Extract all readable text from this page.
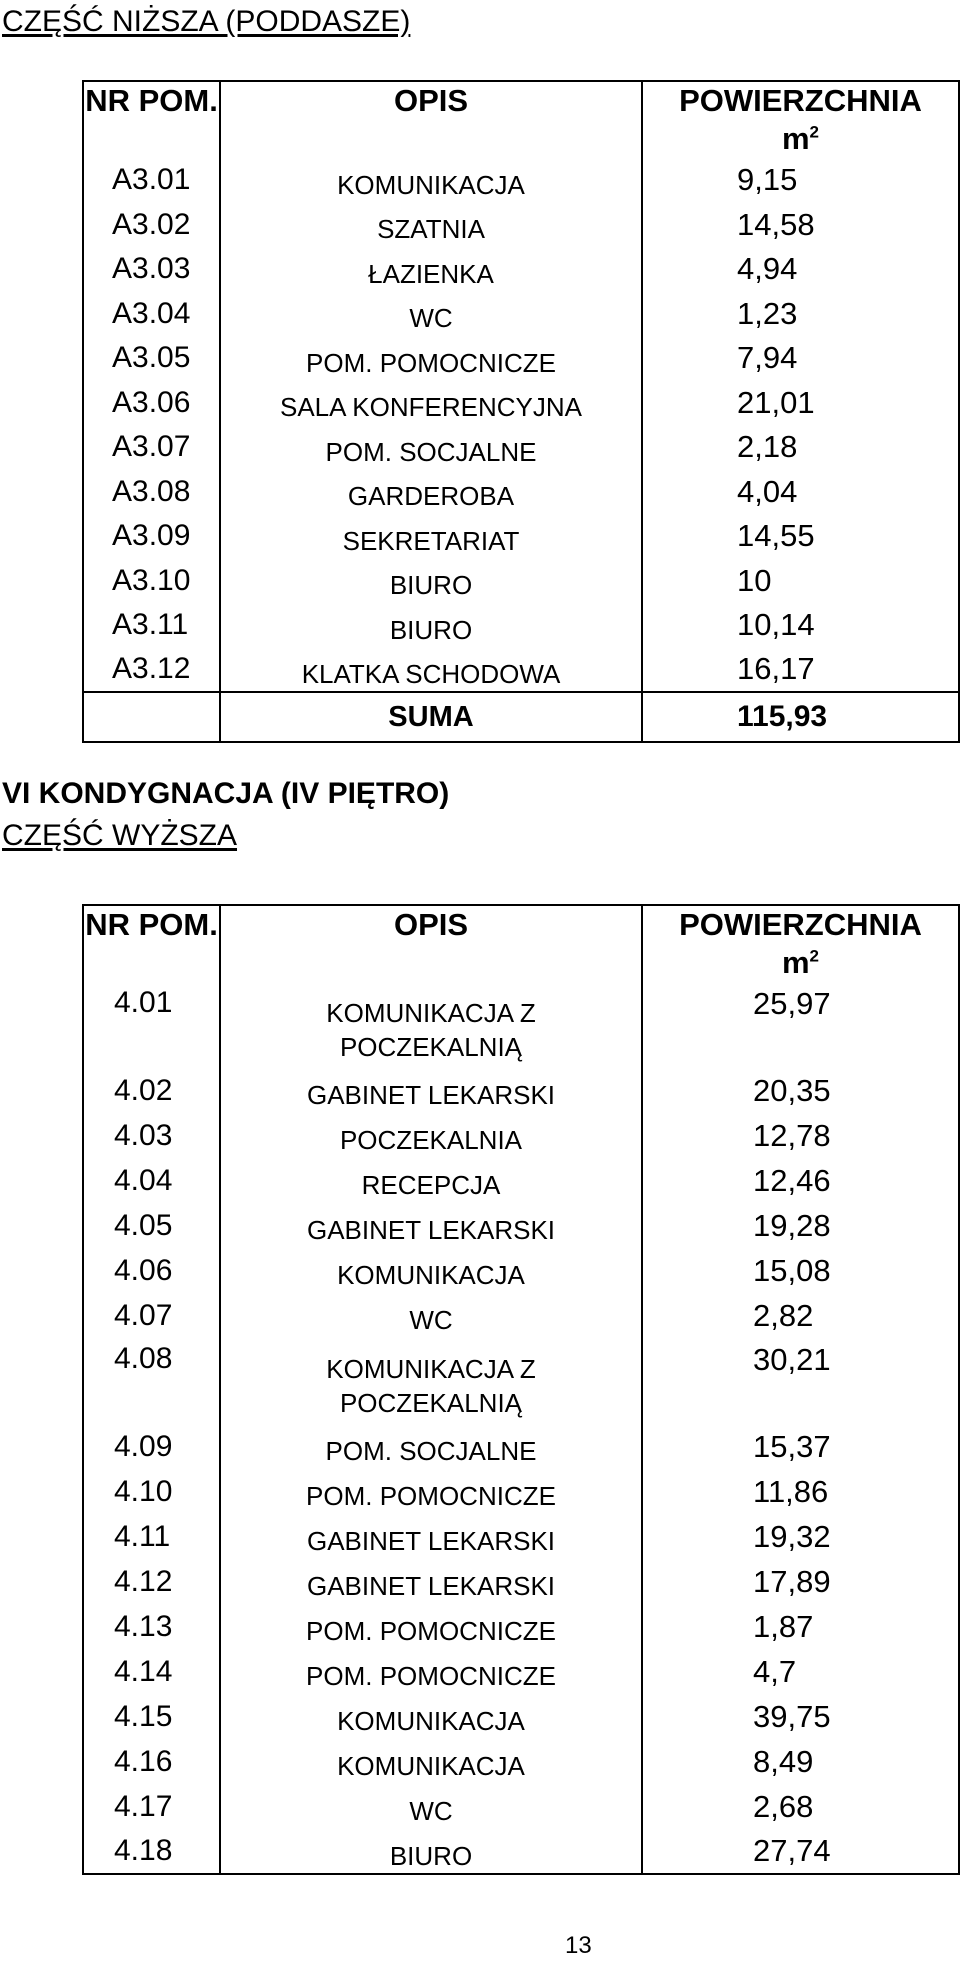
CZĘŚĆ NIŻSZA (PODDASZE)
NR POM.	OPIS	POWIERZCHNIA
$m^2$

A3.01	KOMUNIKACJA	9,15
A3.02	SZATNIA	14,58
A3.03	ŁAZIENKA	4,94
A3.04	WC	1,23
A3.05	POM. POMOCNICZE	7,94
A3.06	SALA KONFERENCYJNA	21,01
A3.07	POM. SOCJALNE	2,18
A3.08	GARDEROBA	4,04
A3.09	SEKRETARIAT	14,55
A3.10	BIURO	10
A3.11	BIURO	10,14
A3.12	KLATKA SCHODOWA	16,17
	SUMA	115,93
VI KONDYGNACJA (IV PIĘTRO)
CZĘŚĆ WYŻSZA
NR POM.	OPIS	POWIERZCHNIA
$m^2$

4.01	KOMUNIKACJA Z
POCZEKALNIĄ	25,97
4.02	GABINET LEKARSKI	20,35
4.03	POCZEKALNIA	12,78
4.04	RECEPCJA	12,46
4.05	GABINET LEKARSKI	19,28
4.06	KOMUNIKACJA	15,08
4.07	WC	2,82
4.08	KOMUNIKACJA Z
POCZEKALNIĄ	30,21
4.09	POM. SOCJALNE	15,37
4.10	POM. POMOCNICZE	11,86
4.11	GABINET LEKARSKI	19,32
4.12	GABINET LEKARSKI	17,89
4.13	POM. POMOCNICZE	1,87
4.14	POM. POMOCNICZE	4,7
4.15	KOMUNIKACJA	39,75
4.16	KOMUNIKACJA	8,49
4.17	WC	2,68
4.18	BIURO	27,74
13
